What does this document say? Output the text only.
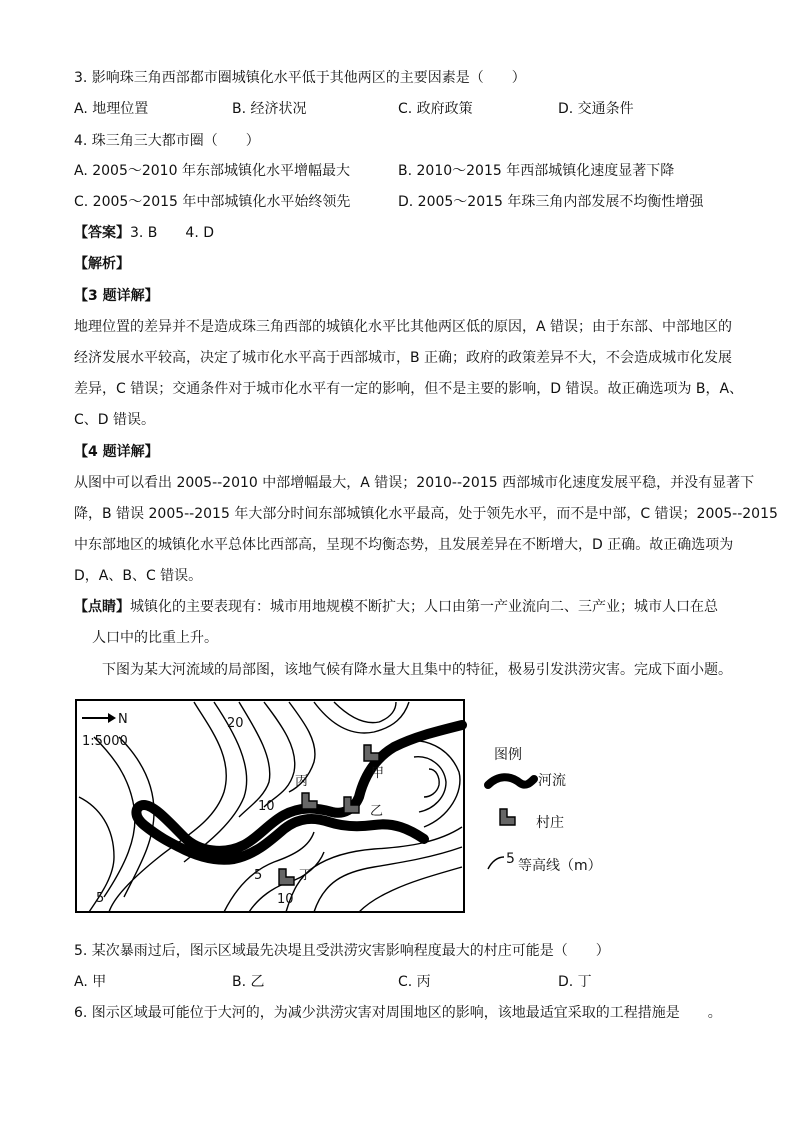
3. 影响珠三角西部都市圈城镇化水平低于其他两区的主要因素是（　　）
A. 地理位置	B. 经济状况	C. 政府政策	D. 交通条件
4. 珠三角三大都市圈（　　）
A. 2005～2010 年东部城镇化水平增幅最大	B. 2010～2015 年西部城镇化速度显著下降
C. 2005～2015 年中部城镇化水平始终领先	D. 2005～2015 年珠三角内部发展不均衡性增强
【答案】3. B　　4. D
【解析】
【3 题详解】
地理位置的差异并不是造成珠三角西部的城镇化水平比其他两区低的原因，A 错误；由于东部、中部地区的
经济发展水平较高，决定了城市化水平高于西部城市，B 正确；政府的政策差异不大，不会造成城市化发展
差异，C 错误；交通条件对于城市化水平有一定的影响，但不是主要的影响，D 错误。故正确选项为 B，A、
C、D 错误。
【4 题详解】
从图中可以看出 2005--2010 中部增幅最大，A 错误；2010--2015 西部城市化速度发展平稳，并没有显著下
降，B 错误 2005--2015 年大部分时间东部城镇化水平最高，处于领先水平，而不是中部，C 错误；2005--2015
中东部地区的城镇化水平总体比西部高，呈现不均衡态势，且发展差异在不断增大，D 正确。故正确选项为
D，A、B、C 错误。
【点睛】城镇化的主要表现有：城市用地规模不断扩大；人口由第一产业流向二、三产业；城市人口在总
人口中的比重上升。
下图为某大河流域的局部图，该地气候有降水量大且集中的特征，极易引发洪涝灾害。完成下面小题。
N
1:5000
20
10
5
5	10
甲
乙
丙
丁
图例
河流
村庄
5 等高线（m）
5. 某次暴雨过后，图示区域最先决堤且受洪涝灾害影响程度最大的村庄可能是（　　）
A. 甲	B. 乙	C. 丙	D. 丁
6. 图示区域最可能位于大河的，为减少洪涝灾害对周围地区的影响，该地最适宜采取的工程措施是　　。
